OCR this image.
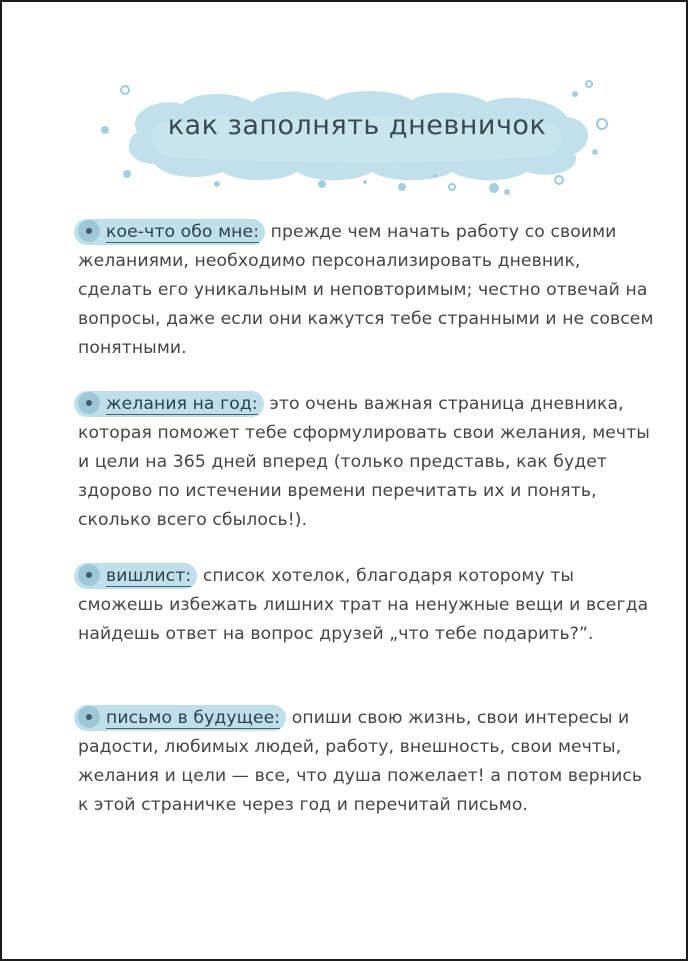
как заполнять дневничок
кое-что обо мне: прежде чем начать работу со своими желаниями, необходимо персонализировать дневник, сделать его уникальным и неповторимым; честно отвечай на вопросы, даже если они кажутся тебе странными и не совсем понятными.
желания на год: это очень важная страница дневника, которая поможет тебе сформулировать свои желания, мечты и цели на 365 дней вперед (только представь, как будет здорово по истечении времени перечитать их и понять, сколько всего сбылось!).
вишлист: список хотелок, благодаря которому ты сможешь избежать лишних трат на ненужные вещи и всегда найдешь ответ на вопрос друзей „что тебе подарить?”.
письмо в будущее: опиши свою жизнь, свои интересы и радости, любимых людей, работу, внешность, свои мечты, желания и цели — все, что душа пожелает! а потом вернись к этой страничке через год и перечитай письмо.
